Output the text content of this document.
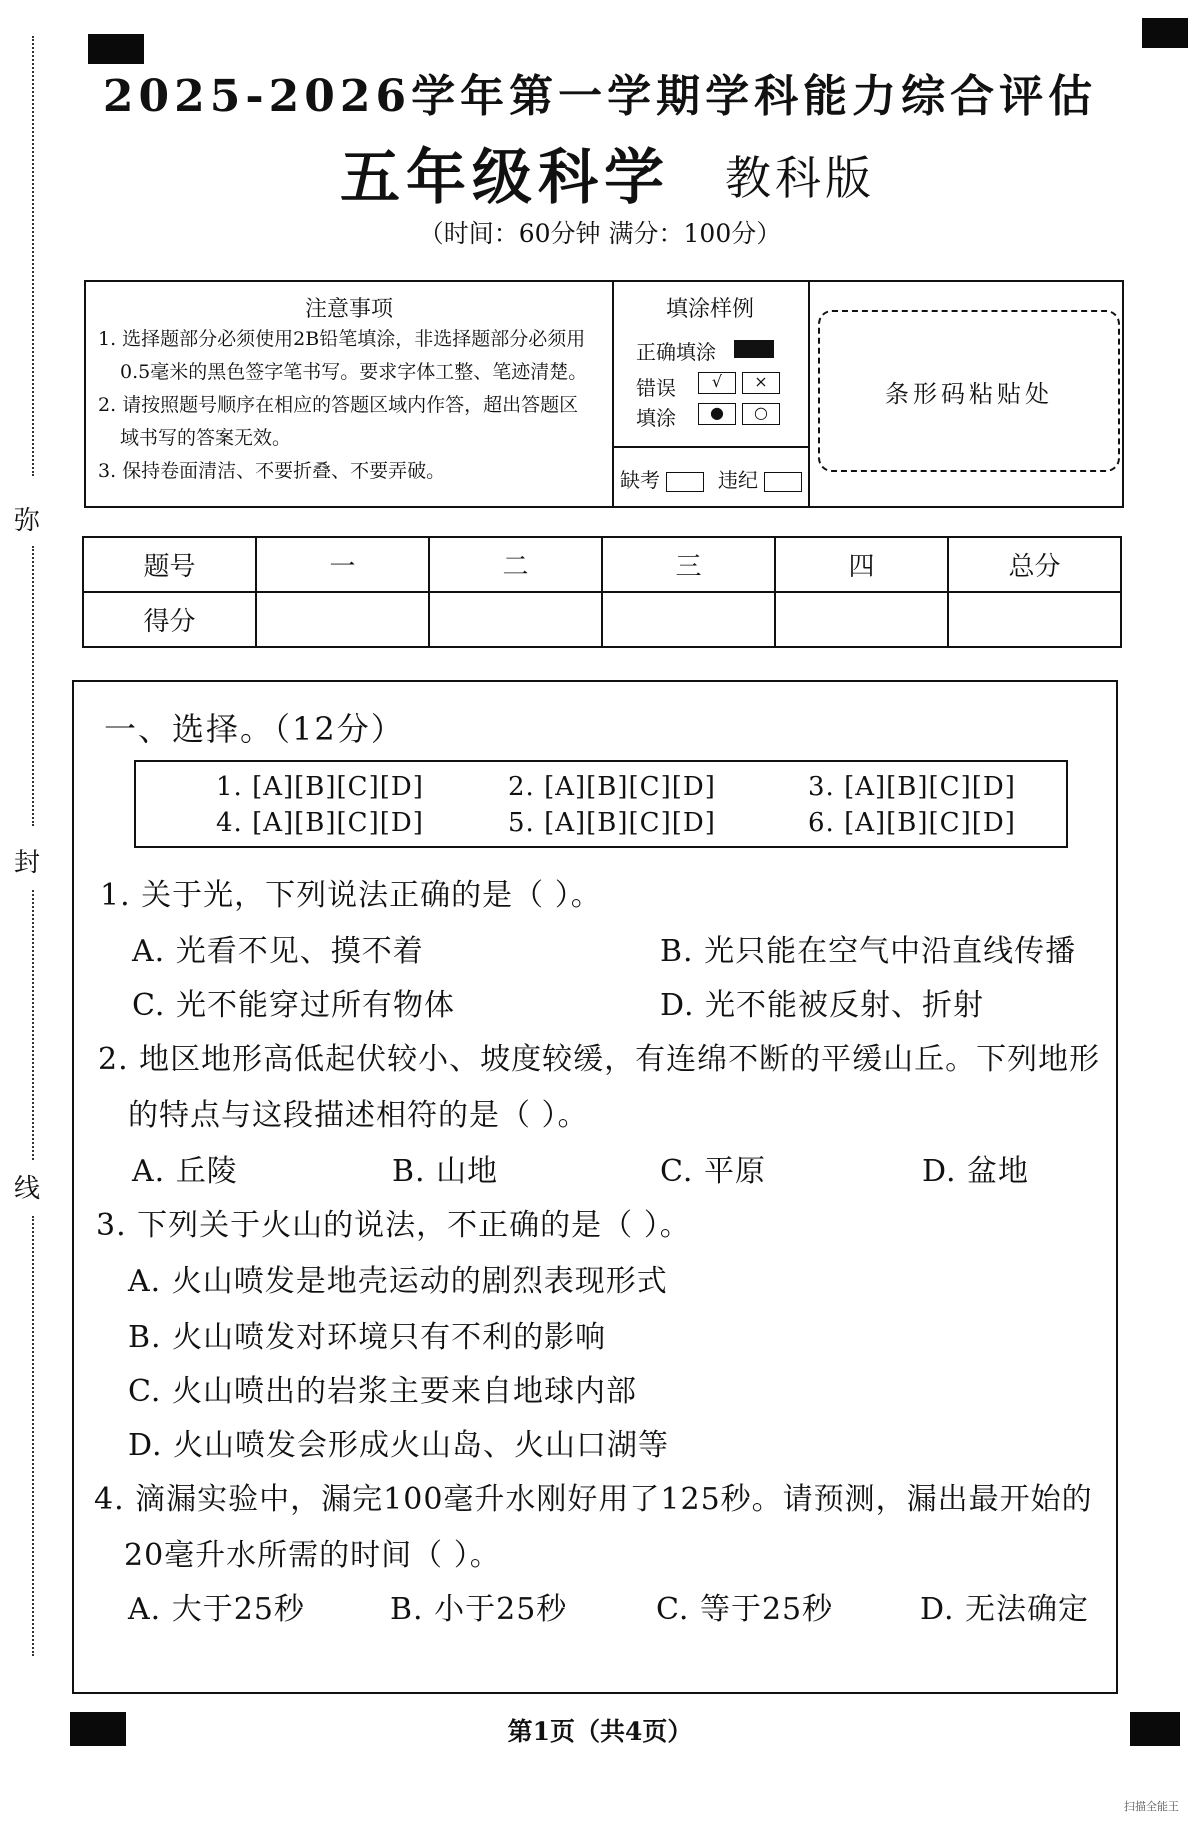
弥
封
线
2025-2026学年第一学期学科能力综合评估
五年级科学 教科版
（时间：60分钟 满分：100分）
注意事项
1. 选择题部分必须使用2B铅笔填涂，非选择题部分必须用
0.5毫米的黑色签字笔书写。要求字体工整、笔迹清楚。
2. 请按照题号顺序在相应的答题区域内作答，超出答题区
域书写的答案无效。
3. 保持卷面清洁、不要折叠、不要弄破。
填涂样例
正确填涂
错误
填涂
√ ×
● ○
缺考	违纪
条形码粘贴处
题号	一	二	三	四	总分
得分					
一、选择。（12分）
1. [A][B][C][D]	2. [A][B][C][D]	3. [A][B][C][D]
4. [A][B][C][D]	5. [A][B][C][D]	6. [A][B][C][D]
1. 关于光，下列说法正确的是（ ）。
A. 光看不见、摸不着	B. 光只能在空气中沿直线传播
C. 光不能穿过所有物体	D. 光不能被反射、折射
2. 地区地形高低起伏较小、坡度较缓，有连绵不断的平缓山丘。下列地形
的特点与这段描述相符的是（ ）。
A. 丘陵	B. 山地	C. 平原	D. 盆地
3. 下列关于火山的说法，不正确的是（ ）。
A. 火山喷发是地壳运动的剧烈表现形式
B. 火山喷发对环境只有不利的影响
C. 火山喷出的岩浆主要来自地球内部
D. 火山喷发会形成火山岛、火山口湖等
4. 滴漏实验中，漏完100毫升水刚好用了125秒。请预测，漏出最开始的
20毫升水所需的时间（ ）。
A. 大于25秒	B. 小于25秒	C. 等于25秒	D. 无法确定
第1页（共4页）
扫描全能王
